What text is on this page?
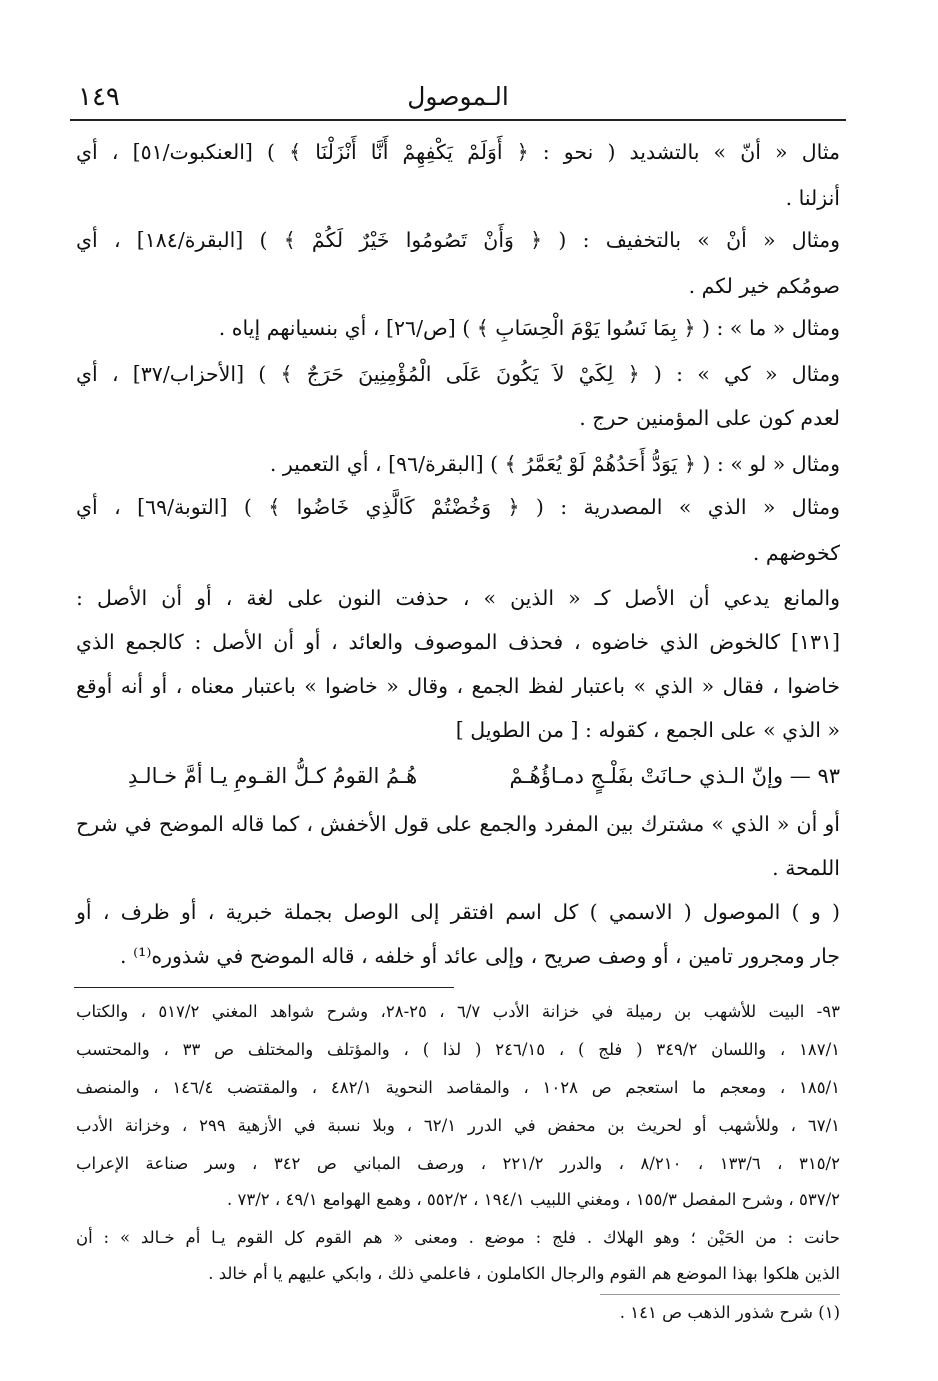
١٤٩	الـموصول
مثال « أنّ » بالتشديد ( نحو : ﴿ أَوَلَمْ يَكْفِهِمْ أَنَّا أَنْزَلْنَا ﴾ ) [العنكبوت/٥١] ، أي
أنزلنا .
ومثال « أنْ » بالتخفيف : ( ﴿ وَأَنْ تَصُومُوا خَيْرٌ لَكُمْ ﴾ ) [البقرة/١٨٤] ، أي
صومُكم خير لكم .
ومثال « ما » : ( ﴿ بِمَا نَسُوا يَوْمَ الْحِسَابِ ﴾ ) [ص/٢٦] ، أي بنسيانهم إياه .
ومثال « كي » : ( ﴿ لِكَيْ لاَ يَكُونَ عَلَى الْمُؤْمِنِينَ حَرَجٌ ﴾ ) [الأحزاب/٣٧] ، أي
لعدم كون على المؤمنين حرج .
ومثال « لو » : ( ﴿ يَوَدُّ أَحَدُهُمْ لَوْ يُعَمَّرُ ﴾ ) [البقرة/٩٦] ، أي التعمير .
ومثال « الذي » المصدرية : ( ﴿ وَخُضْتُمْ كَالَّذِي خَاضُوا ﴾ ) [التوبة/٦٩] ، أي
كخوضهم .
والمانع يدعي أن الأصل كـ « الذين » ، حذفت النون على لغة ، أو أن الأصل :
[١٣١] كالخوض الذي خاضوه ، فحذف الموصوف والعائد ، أو أن الأصل : كالجمع الذي
خاضوا ، فقال « الذي » باعتبار لفظ الجمع ، وقال « خاضوا » باعتبار معناه ، أو أنه أوقع
« الذي » على الجمع ، كقوله : [ من الطويل ]
٩٣ — وإنّ الـذي حـانَتْ بفَلْـجٍ دمـاؤُهُـمْ
هُـمُ القومُ كـلُّ القـومِ يـا أمَّ خـالـدِ
أو أن « الذي » مشترك بين المفرد والجمع على قول الأخفش ، كما قاله الموضح في شرح
اللمحة .
( و ) الموصول ( الاسمي ) كل اسم افتقر إلى الوصل بجملة خبرية ، أو ظرف ، أو
جار ومجرور تامين ، أو وصف صريح ، وإلى عائد أو خلفه ، قاله الموضح في شذوره⁽¹⁾ .
٩٣- البيت للأشهب بن رميلة في خزانة الأدب ٦/٧ ، ٢٥-٢٨، وشرح شواهد المغني ٥١٧/٢ ، والكتاب
١٨٧/١ ، واللسان ٣٤٩/٢ ( فلج ) ، ٢٤٦/١٥ ( لذا ) ، والمؤتلف والمختلف ص ٣٣ ، والمحتسب
١٨٥/١ ، ومعجم ما استعجم ص ١٠٢٨ ، والمقاصد النحوية ٤٨٢/١ ، والمقتضب ١٤٦/٤ ، والمنصف
٦٧/١ ، وللأشهب أو لحريث بن محفض في الدرر ٦٢/١ ، وبلا نسبة في الأزهية ٢٩٩ ، وخزانة الأدب
٣١٥/٢ ، ١٣٣/٦ ، ٨/٢١٠ ، والدرر ٢٢١/٢ ، ورصف المباني ص ٣٤٢ ، وسر صناعة الإعراب
٥٣٧/٢ ، وشرح المفصل ١٥٥/٣ ، ومغني اللبيب ١٩٤/١ ، ٥٥٢/٢ ، وهمع الهوامع ٤٩/١ ، ٧٣/٢ .
حانت : من الحَيْن ؛ وهو الهلاك . فلج : موضع . ومعنى « هم القوم كل القوم يـا أم خـالد » : أن
الذين هلكوا بهذا الموضع هم القوم والرجال الكاملون ، فاعلمي ذلك ، وابكي عليهم يا أم خالد .
(١) شرح شذور الذهب ص ١٤١ .
